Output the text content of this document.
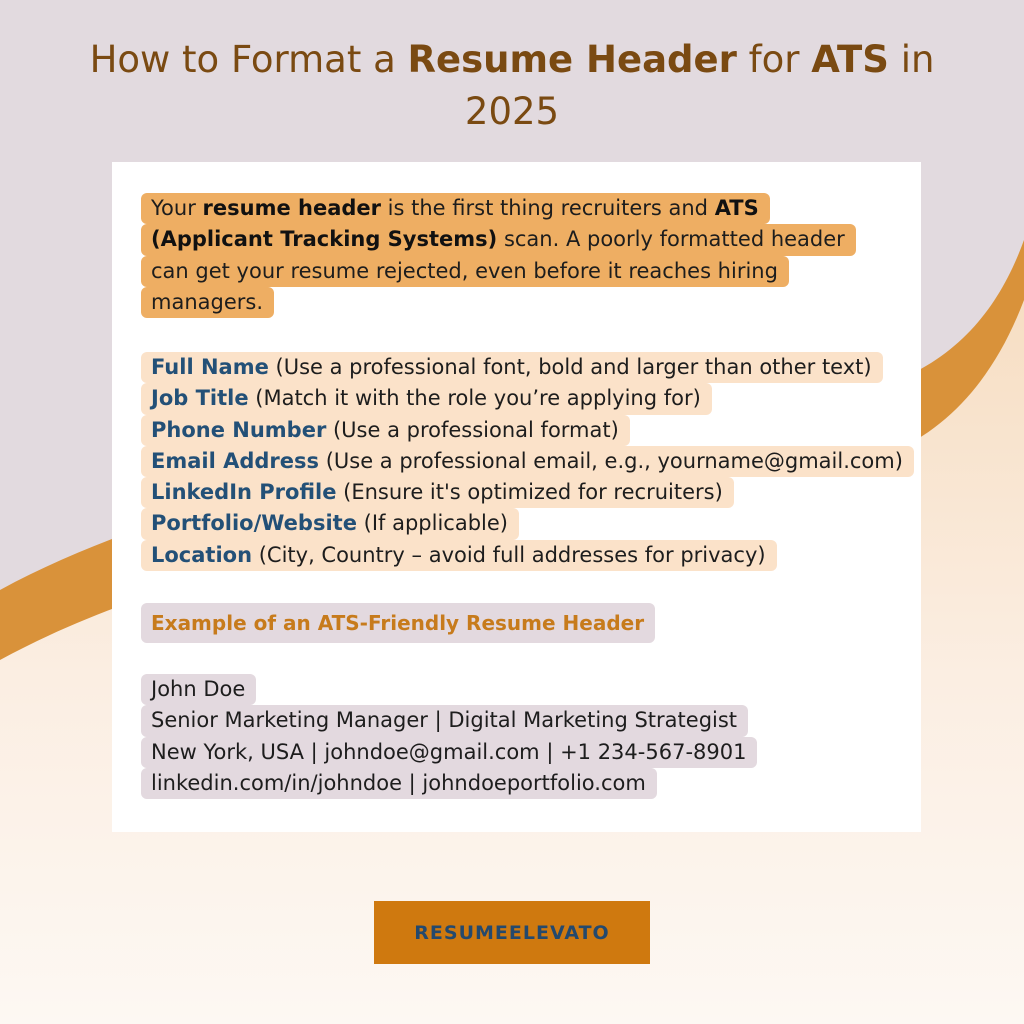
How to Format a Resume Header for ATS in
2025
Your resume header is the first thing recruiters and ATS
(Applicant Tracking Systems) scan. A poorly formatted header
can get your resume rejected, even before it reaches hiring
managers.
Full Name (Use a professional font, bold and larger than other text)
Job Title (Match it with the role you’re applying for)
Phone Number (Use a professional format)
Email Address (Use a professional email, e.g., yourname@gmail.com)
LinkedIn Profile (Ensure it's optimized for recruiters)
Portfolio/Website (If applicable)
Location (City, Country – avoid full addresses for privacy)
Example of an ATS-Friendly Resume Header
John Doe
Senior Marketing Manager | Digital Marketing Strategist
New York, USA | johndoe@gmail.com | +1 234-567-8901
linkedin.com/in/johndoe | johndoeportfolio.com
RESUMEELEVATO
